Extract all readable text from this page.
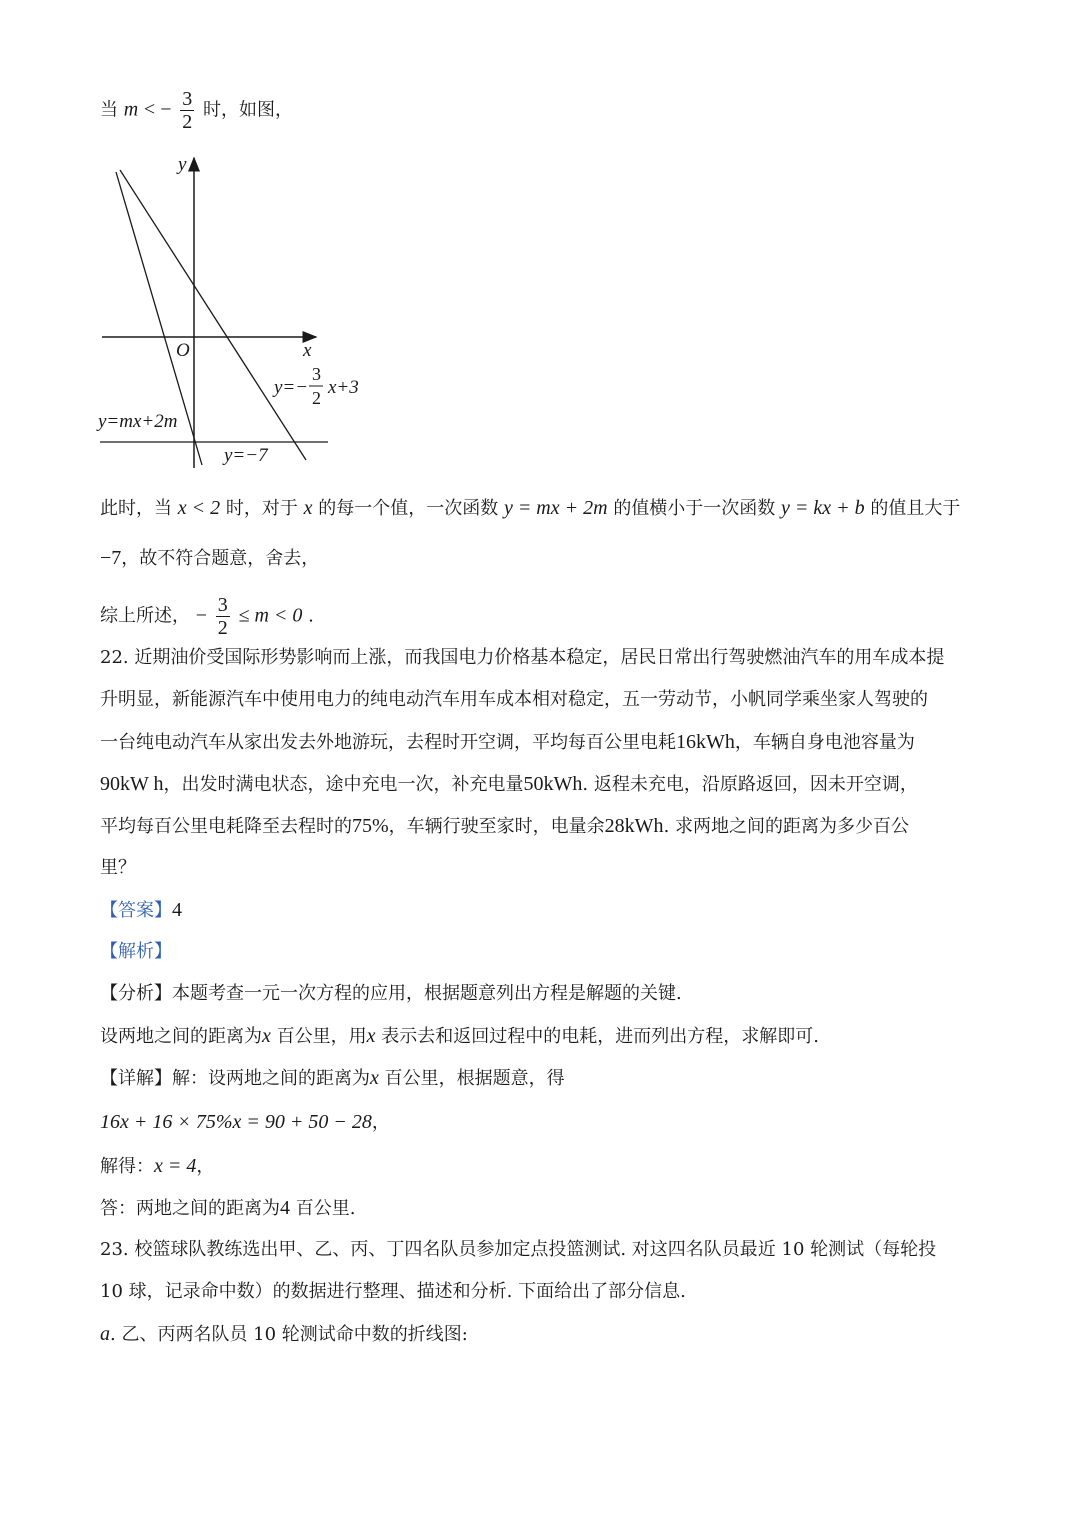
当 m < − $\frac{3}{2}$ 时，如图，
y
x
O
y=−
3
2 x+3
y=mx+2m
y=−7
此时，当 x < 2 时，对于 x 的每一个值，一次函数 y = mx + 2m 的值横小于一次函数 y = kx + b 的值且大于
−7，故不符合题意，舍去，
综上所述， − $\frac{3}{2} \le m < 0$ .
22. 近期油价受国际形势影响而上涨，而我国电力价格基本稳定，居民日常出行驾驶燃油汽车的用车成本提
升明显，新能源汽车中使用电力的纯电动汽车用车成本相对稳定，五一劳动节，小帆同学乘坐家人驾驶的
一台纯电动汽车从家出发去外地游玩，去程时开空调，平均每百公里电耗16kWh，车辆自身电池容量为
90kW h，出发时满电状态，途中充电一次，补充电量50kWh. 返程未充电，沿原路返回，因未开空调，
平均每百公里电耗降至去程时的75%，车辆行驶至家时，电量余28kWh. 求两地之间的距离为多少百公
里？
【答案】4
【解析】
【分析】本题考查一元一次方程的应用，根据题意列出方程是解题的关键.
设两地之间的距离为x 百公里，用x 表示去和返回过程中的电耗，进而列出方程，求解即可.
【详解】解：设两地之间的距离为x 百公里，根据题意，得
16x + 16 × 75%x = 90 + 50 − 28，
解得：x = 4，
答：两地之间的距离为4 百公里.
23. 校篮球队教练选出甲、乙、丙、丁四名队员参加定点投篮测试. 对这四名队员最近 10 轮测试（每轮投
10 球，记录命中数）的数据进行整理、描述和分析. 下面给出了部分信息.
a. 乙、丙两名队员 10 轮测试命中数的折线图:
